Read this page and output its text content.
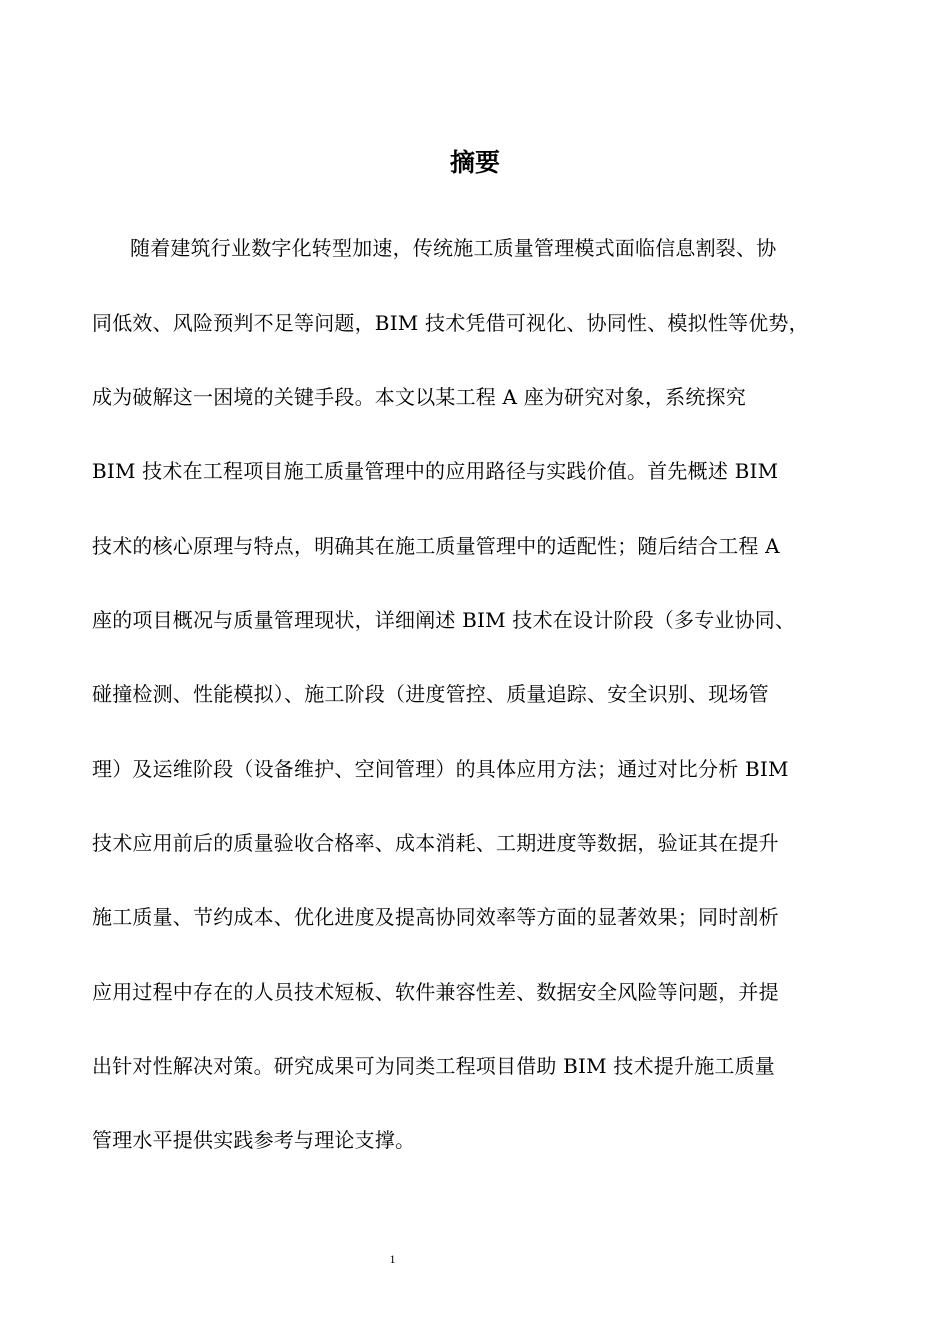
摘要
随着建筑行业数字化转型加速，传统施工质量管理模式面临信息割裂、协
同低效、风险预判不足等问题，BIM 技术凭借可视化、协同性、模拟性等优势，
成为破解这一困境的关键手段。本文以某工程 A 座为研究对象，系统探究
BIM 技术在工程项目施工质量管理中的应用路径与实践价值。首先概述 BIM
技术的核心原理与特点，明确其在施工质量管理中的适配性；随后结合工程 A
座的项目概况与质量管理现状，详细阐述 BIM 技术在设计阶段（多专业协同、
碰撞检测、性能模拟）、施工阶段（进度管控、质量追踪、安全识别、现场管
理）及运维阶段（设备维护、空间管理）的具体应用方法；通过对比分析 BIM
技术应用前后的质量验收合格率、成本消耗、工期进度等数据，验证其在提升
施工质量、节约成本、优化进度及提高协同效率等方面的显著效果；同时剖析
应用过程中存在的人员技术短板、软件兼容性差、数据安全风险等问题，并提
出针对性解决对策。研究成果可为同类工程项目借助 BIM 技术提升施工质量
管理水平提供实践参考与理论支撑。
1
